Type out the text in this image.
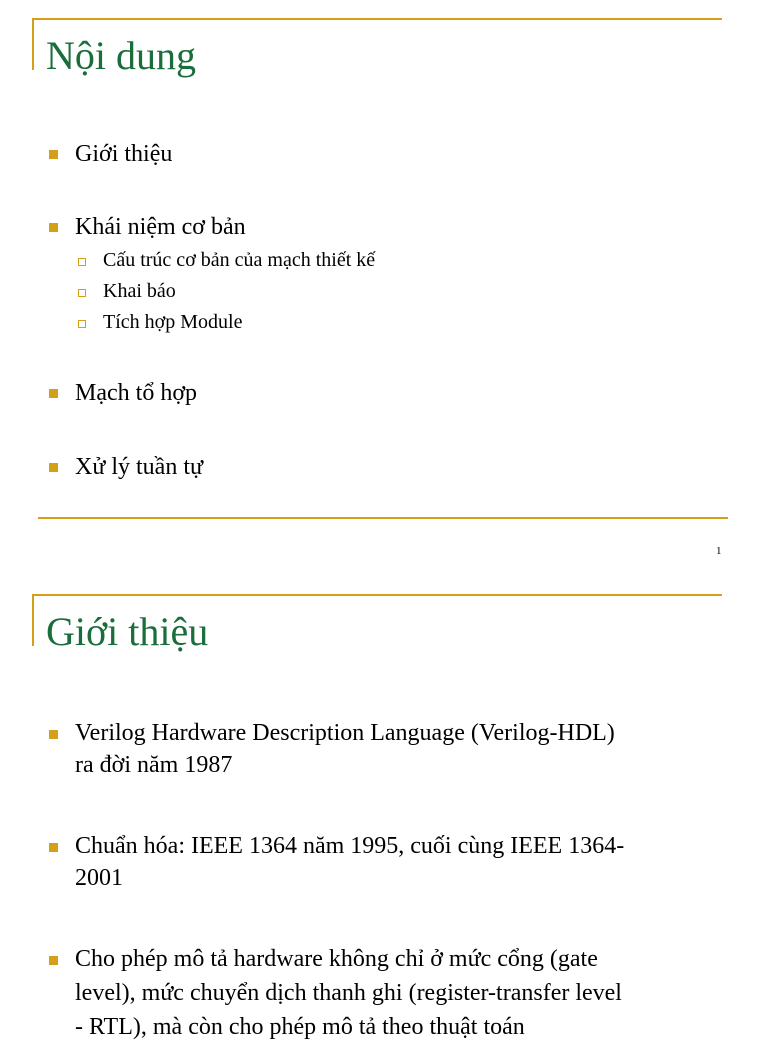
Nội dung
Giới thiệu
Khái niệm cơ bản
Cấu trúc cơ bản của mạch thiết kế
Khai báo
Tích hợp Module
Mạch tổ hợp
Xử lý tuần tự
1
Giới thiệu
Verilog Hardware Description Language (Verilog-HDL)
ra đời năm 1987
Chuẩn hóa: IEEE 1364 năm 1995, cuối cùng IEEE 1364-
2001
Cho phép mô tả hardware không chỉ ở mức cổng (gate
level), mức chuyển dịch thanh ghi (register-transfer level
- RTL), mà còn cho phép mô tả theo thuật toán
